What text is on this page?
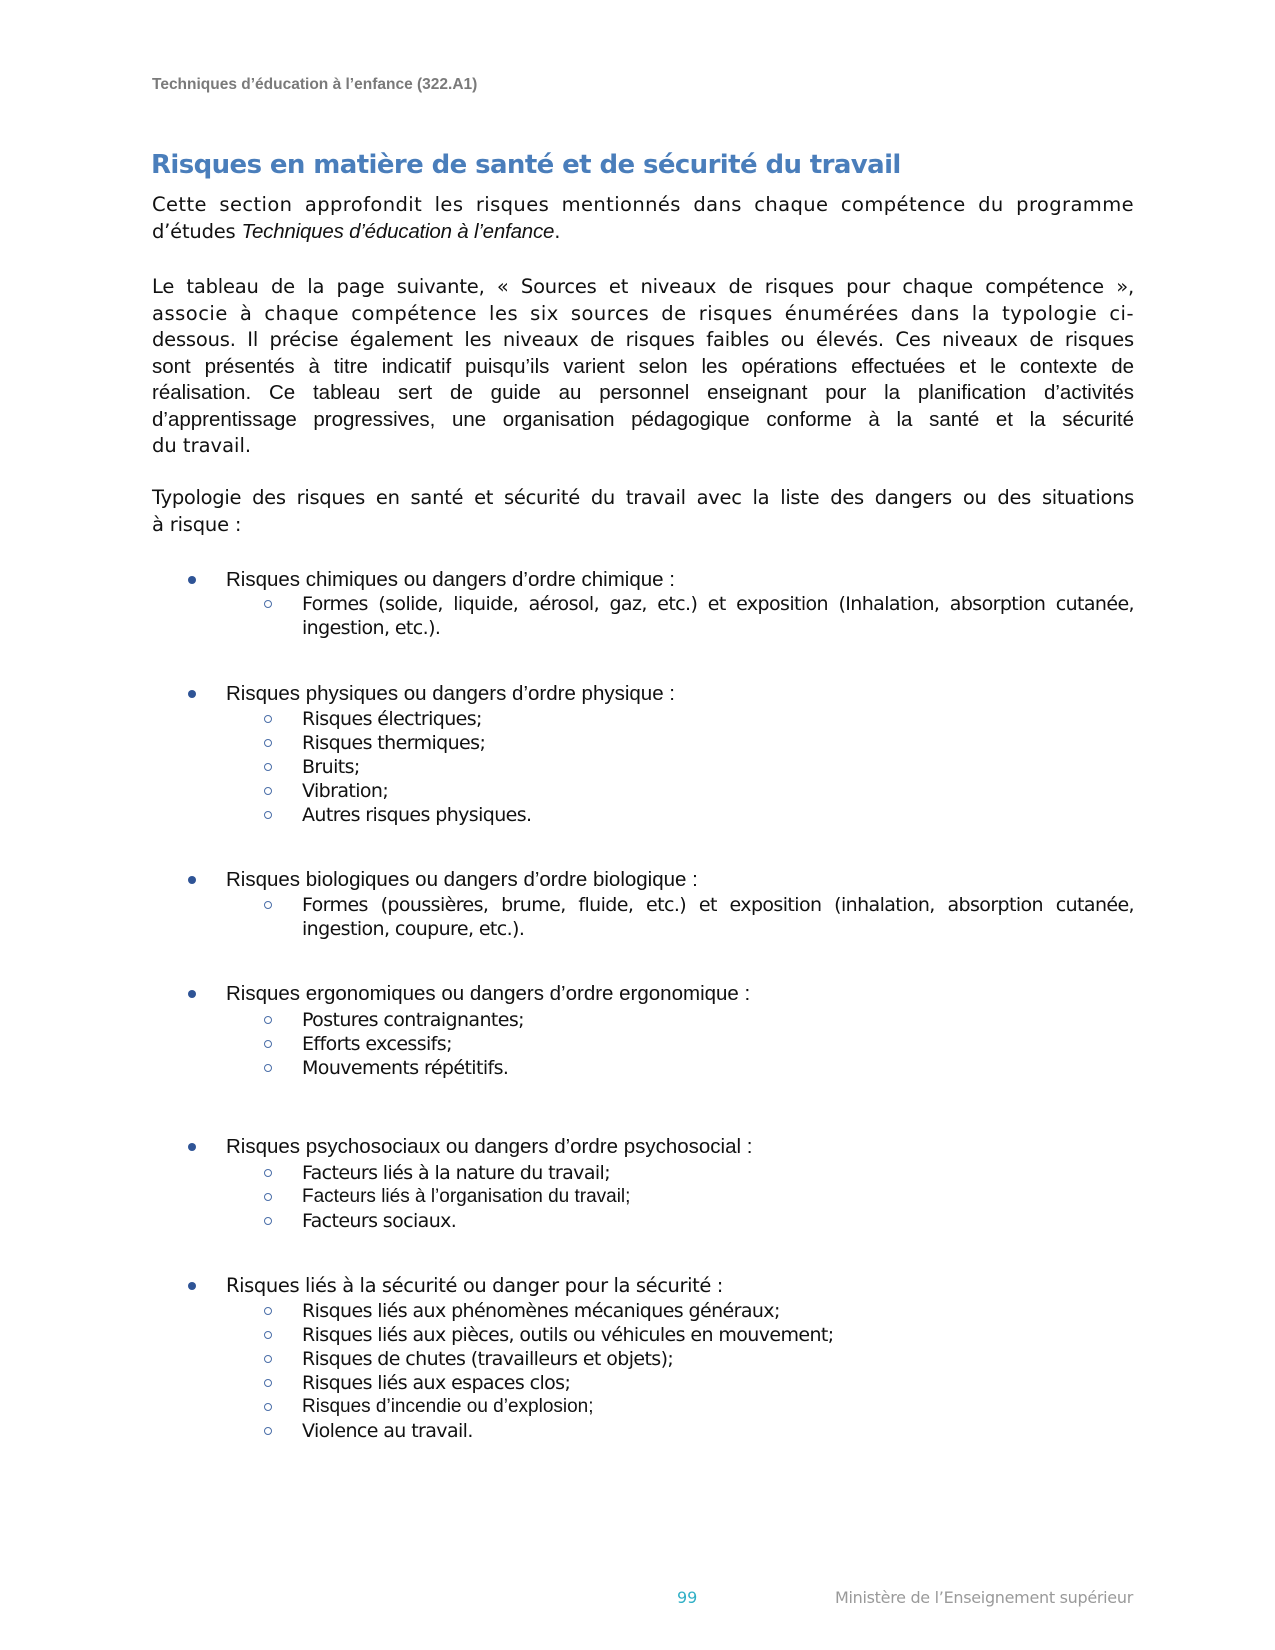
Techniques d’éducation à l’enfance (322.A1)
Risques en matière de santé et de sécurité du travail
Cette section approfondit les risques mentionnés dans chaque compétence du programme
d’études Techniques d’éducation à l’enfance.
Le tableau de la page suivante, « Sources et niveaux de risques pour chaque compétence »,
associe à chaque compétence les six sources de risques énumérées dans la typologie ci-
dessous. Il précise également les niveaux de risques faibles ou élevés. Ces niveaux de risques
sont présentés à titre indicatif puisqu’ils varient selon les opérations effectuées et le contexte de
réalisation. Ce tableau sert de guide au personnel enseignant pour la planification d’activités
d’apprentissage progressives, une organisation pédagogique conforme à la santé et la sécurité
du travail.
Typologie des risques en santé et sécurité du travail avec la liste des dangers ou des situations
à risque :
Risques chimiques ou dangers d’ordre chimique :
Formes (solide, liquide, aérosol, gaz, etc.) et exposition (Inhalation, absorption cutanée,
ingestion, etc.).
Risques physiques ou dangers d’ordre physique :
Risques électriques;
Risques thermiques;
Bruits;
Vibration;
Autres risques physiques.
Risques biologiques ou dangers d’ordre biologique :
Formes (poussières, brume, fluide, etc.) et exposition (inhalation, absorption cutanée,
ingestion, coupure, etc.).
Risques ergonomiques ou dangers d’ordre ergonomique :
Postures contraignantes;
Efforts excessifs;
Mouvements répétitifs.
Risques psychosociaux ou dangers d’ordre psychosocial :
Facteurs liés à la nature du travail;
Facteurs liés à l’organisation du travail;
Facteurs sociaux.
Risques liés à la sécurité ou danger pour la sécurité :
Risques liés aux phénomènes mécaniques généraux;
Risques liés aux pièces, outils ou véhicules en mouvement;
Risques de chutes (travailleurs et objets);
Risques liés aux espaces clos;
Risques d’incendie ou d’explosion;
Violence au travail.
99	Ministère de l’Enseignement supérieur
